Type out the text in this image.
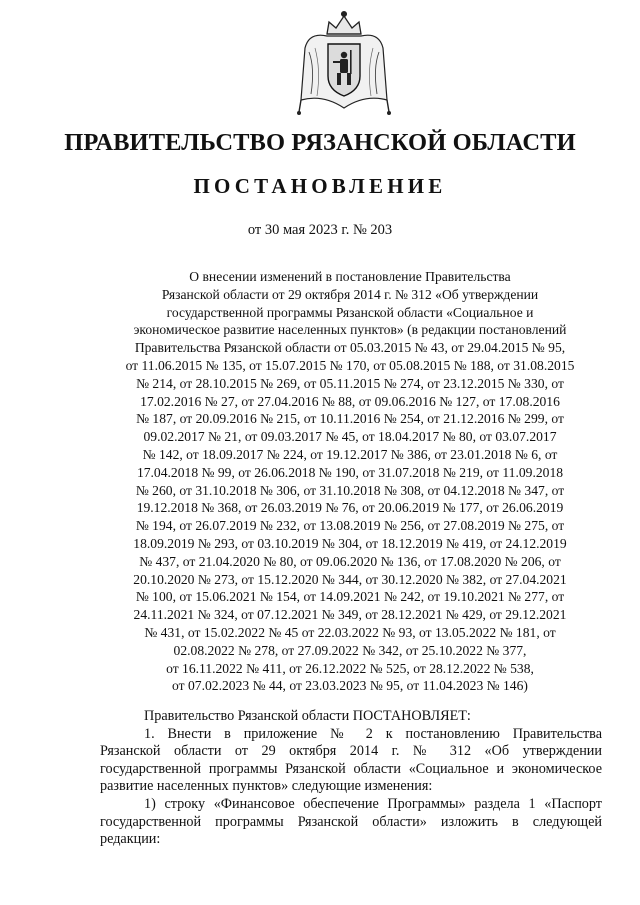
ПРАВИТЕЛЬСТВО РЯЗАНСКОЙ ОБЛАСТИ
ПОСТАНОВЛЕНИЕ
от 30 мая 2023 г. № 203
О внесении изменений в постановление Правительства
Рязанской области от 29 октября 2014 г. № 312 «Об утверждении
государственной программы Рязанской области «Социальное и
экономическое развитие населенных пунктов» (в редакции постановлений
Правительства Рязанской области от 05.03.2015 № 43, от 29.04.2015 № 95,
от 11.06.2015 № 135, от 15.07.2015 № 170, от 05.08.2015 № 188, от 31.08.2015
№ 214, от 28.10.2015 № 269, от 05.11.2015 № 274, от 23.12.2015 № 330, от
17.02.2016 № 27, от 27.04.2016 № 88, от 09.06.2016 № 127, от 17.08.2016
№ 187, от 20.09.2016 № 215, от 10.11.2016 № 254, от 21.12.2016 № 299, от
09.02.2017 № 21, от 09.03.2017 № 45, от 18.04.2017 № 80, от 03.07.2017
№ 142, от 18.09.2017 № 224, от 19.12.2017 № 386, от 23.01.2018 № 6, от
17.04.2018 № 99, от 26.06.2018 № 190, от 31.07.2018 № 219, от 11.09.2018
№ 260, от 31.10.2018 № 306, от 31.10.2018 № 308, от 04.12.2018 № 347, от
19.12.2018 № 368, от 26.03.2019 № 76, от 20.06.2019 № 177, от 26.06.2019
№ 194, от 26.07.2019 № 232, от 13.08.2019 № 256, от 27.08.2019 № 275, от
18.09.2019 № 293, от 03.10.2019 № 304, от 18.12.2019 № 419, от 24.12.2019
№ 437, от 21.04.2020 № 80, от 09.06.2020 № 136, от 17.08.2020 № 206, от
20.10.2020 № 273, от 15.12.2020 № 344, от 30.12.2020 № 382, от 27.04.2021
№ 100, от 15.06.2021 № 154, от 14.09.2021 № 242, от 19.10.2021 № 277, от
24.11.2021 № 324, от 07.12.2021 № 349, от 28.12.2021 № 429, от 29.12.2021
№ 431, от 15.02.2022 № 45 от 22.03.2022 № 93, от 13.05.2022 № 181, от
02.08.2022 № 278, от 27.09.2022 № 342, от 25.10.2022 № 377,
от 16.11.2022 № 411, от 26.12.2022 № 525, от 28.12.2022 № 538,
от 07.02.2023 № 44, от 23.03.2023 № 95, от 11.04.2023 № 146)
Правительство Рязанской области ПОСТАНОВЛЯЕТ:
1. Внести в приложение № 2 к постановлению Правительства
Рязанской области от 29 октября 2014 г. № 312 «Об утверждении
государственной программы Рязанской области «Социальное и экономическое
развитие населенных пунктов» следующие изменения:
1) строку «Финансовое обеспечение Программы» раздела 1 «Паспорт
государственной программы Рязанской области» изложить в следующей
редакции:
